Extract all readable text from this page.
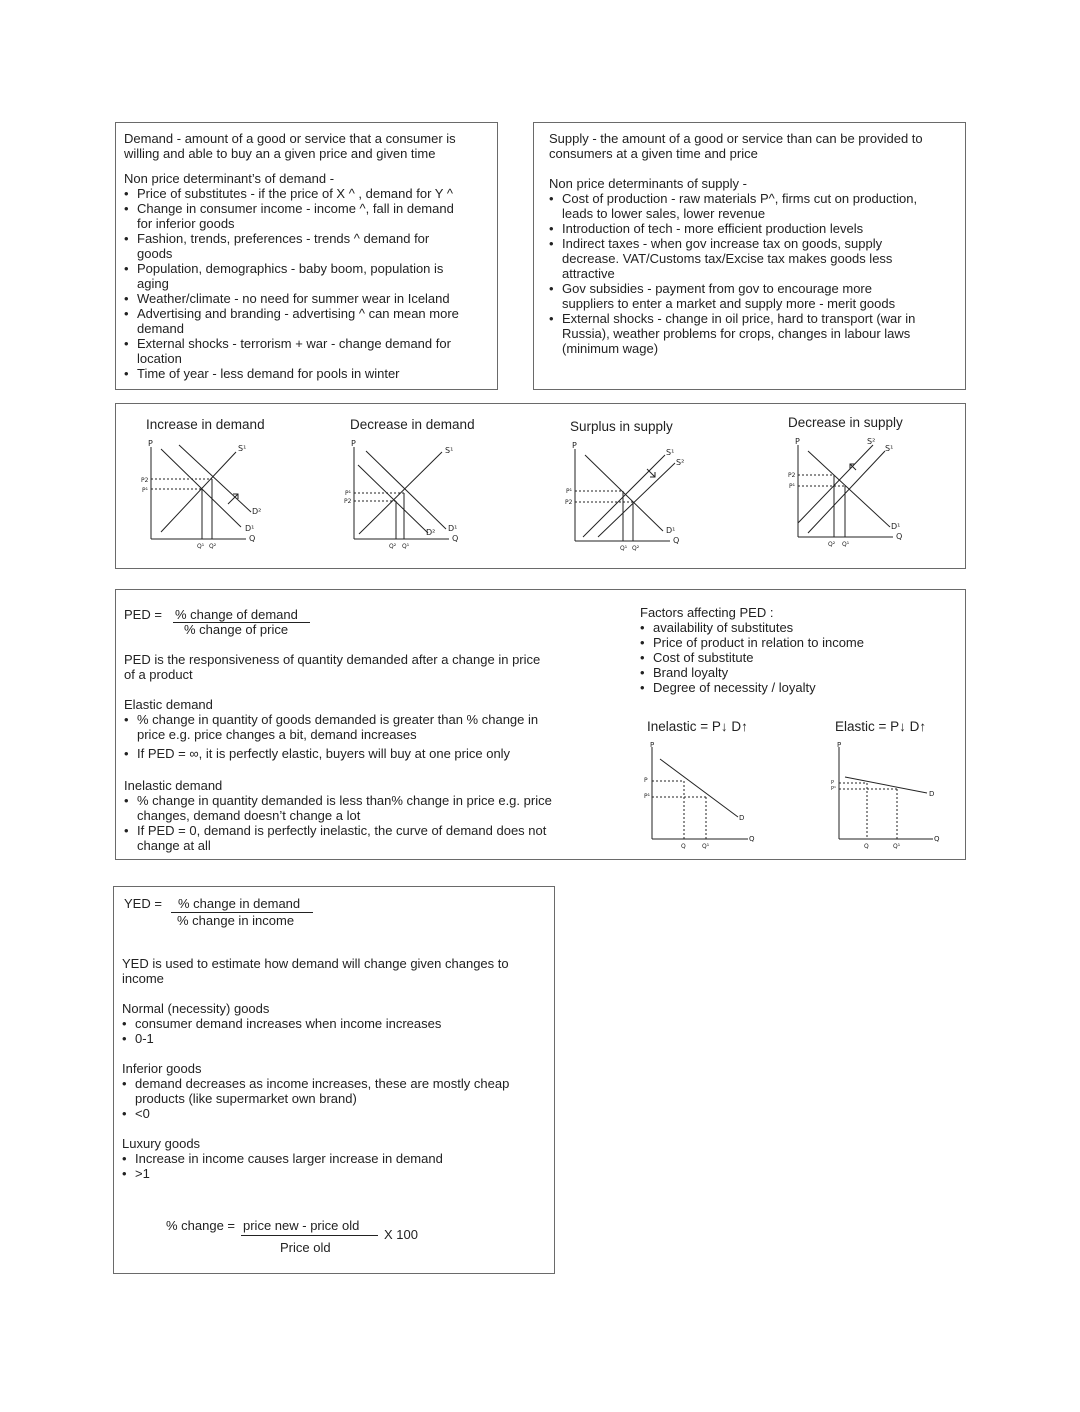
Demand - amount of a good or service that a consumer is
willing and able to buy an a given price and given time
Non price determinant’s of demand -
• Price of substitutes - if the price of X ^ , demand for Y ^
• Change in consumer income - income ^, fall in demand
for inferior goods
• Fashion, trends, preferences - trends ^ demand for
goods
• Population, demographics - baby boom, population is
aging
• Weather/climate - no need for summer wear in Iceland
• Advertising and branding - advertising ^ can mean more
demand
• External shocks - terrorism + war - change demand for
location
• Time of year - less demand for pools in winter
Supply - the amount of a good or service than can be provided to
consumers at a given time and price
Non price determinants of supply -
• Cost of production - raw materials P^, firms cut on production,
leads to lower sales, lower revenue
• Introduction of tech - more efficient production levels
• Indirect taxes - when gov increase tax on goods, supply
decrease. VAT/Customs tax/Excise tax makes goods less
attractive
• Gov subsidies - payment from gov to encourage more
suppliers to enter a market and supply more - merit goods
• External shocks - change in oil price, hard to transport (war in
Russia), weather problems for crops, changes in labour laws
(minimum wage)
Increase in demand	Decrease in demand	Surplus in supply	Decrease in supply
P
Q
S¹
D¹
D²
P2
P¹
Q¹ Q²
P
Q
S¹
D¹
D²
P¹
P2
Q² Q¹
P
Q
S¹
S²
D¹
P¹
P2
Q¹ Q²
P
Q
S¹
S²
D¹
P2
P¹
Q² Q¹
PED = % change of demand
% change of price
PED is the responsiveness of quantity demanded after a change in price
of a product
Elastic demand
• % change in quantity of goods demanded is greater than % change in
price e.g. price changes a bit, demand increases
• If PED = ∞, it is perfectly elastic, buyers will buy at one price only
Inelastic demand
• % change in quantity demanded is less than% change in price e.g. price
changes, demand doesn’t change a lot
• If PED = 0, demand is perfectly inelastic, the curve of demand does not
change at all
Factors affecting PED :
• availability of substitutes
• Price of product in relation to income
• Cost of substitute
• Brand loyalty
• Degree of necessity / loyalty
Inelastic = P↓ D↑	Elastic = P↓ D↑
P
Q
D
P
P¹
Q	Q¹
P
Q
D
P
P¹
Q	Q¹
YED = % change in demand
% change in income
YED is used to estimate how demand will change given changes to
income
Normal (necessity) goods
• consumer demand increases when income increases
• 0-1
Inferior goods
• demand decreases as income increases, these are mostly cheap
products (like supermarket own brand)
• <0
Luxury goods
• Increase in income causes larger increase in demand
• >1
% change = price new - price old
Price old
X 100
